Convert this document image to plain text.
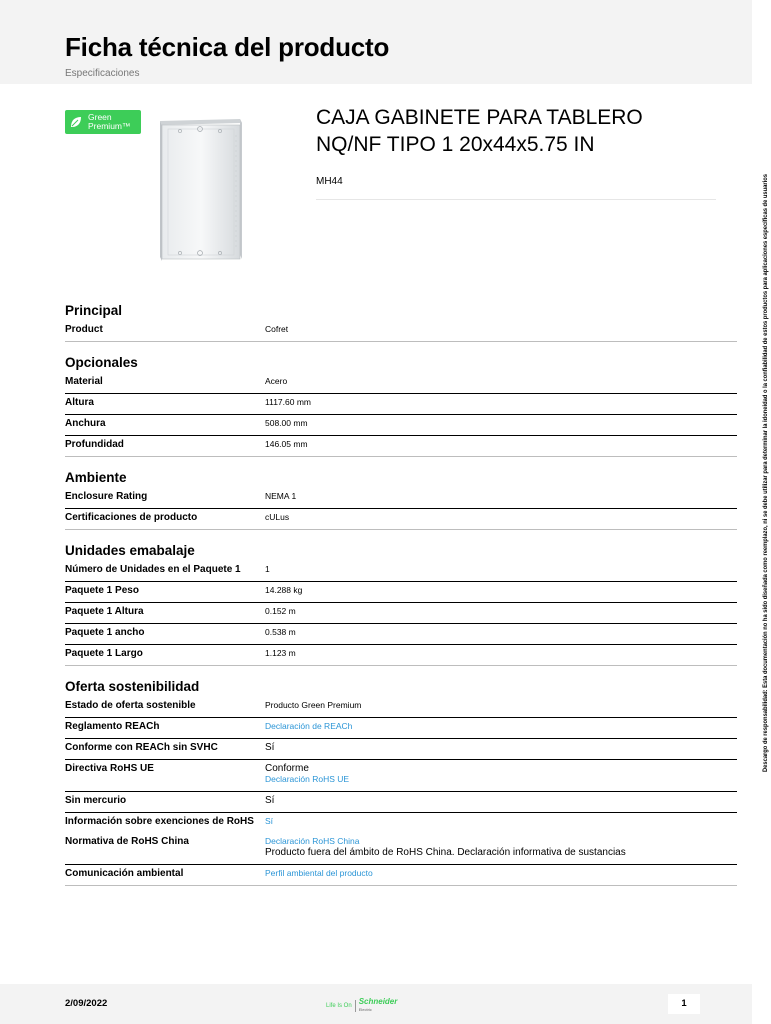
Ficha técnica del producto
Especificaciones
Green
Premium™	CAJA GABINETE PARA TABLERO
NQ/NF TIPO 1 20x44x5.75 IN
MH44
Principal
Product	Cofret
Opcionales
Material	Acero
Altura	1117.60 mm
Anchura	508.00 mm
Profundidad	146.05 mm
Ambiente
Enclosure Rating	NEMA 1
Certificaciones de producto	cULus
Unidades emabalaje
Número de Unidades en el Paquete 1	1
Paquete 1 Peso	14.288 kg
Paquete 1 Altura	0.152 m
Paquete 1 ancho	0.538 m
Paquete 1 Largo	1.123 m
Oferta sostenibilidad
Estado de oferta sostenible	Producto Green Premium
Reglamento REACh	Declaración de REACh
Conforme con REACh sin SVHC	Sí
Directiva RoHS UE	Conforme
Declaración RoHS UE
Sin mercurio	Sí
Información sobre exenciones de RoHS	Sí
Normativa de RoHS China	Declaración RoHS China
Producto fuera del ámbito de RoHS China. Declaración informativa de sustancias
Comunicación ambiental	Perfil ambiental del producto
Descargo de responsabilidad: Esta documentación no ha sido diseñada como reemplazo, ni se debe utilizar para determinar la idoneidad o la confiabilidad de estos productos para aplicaciones específicas de usuarios
2/09/2022	Life Is On Schneider
Electric
1
